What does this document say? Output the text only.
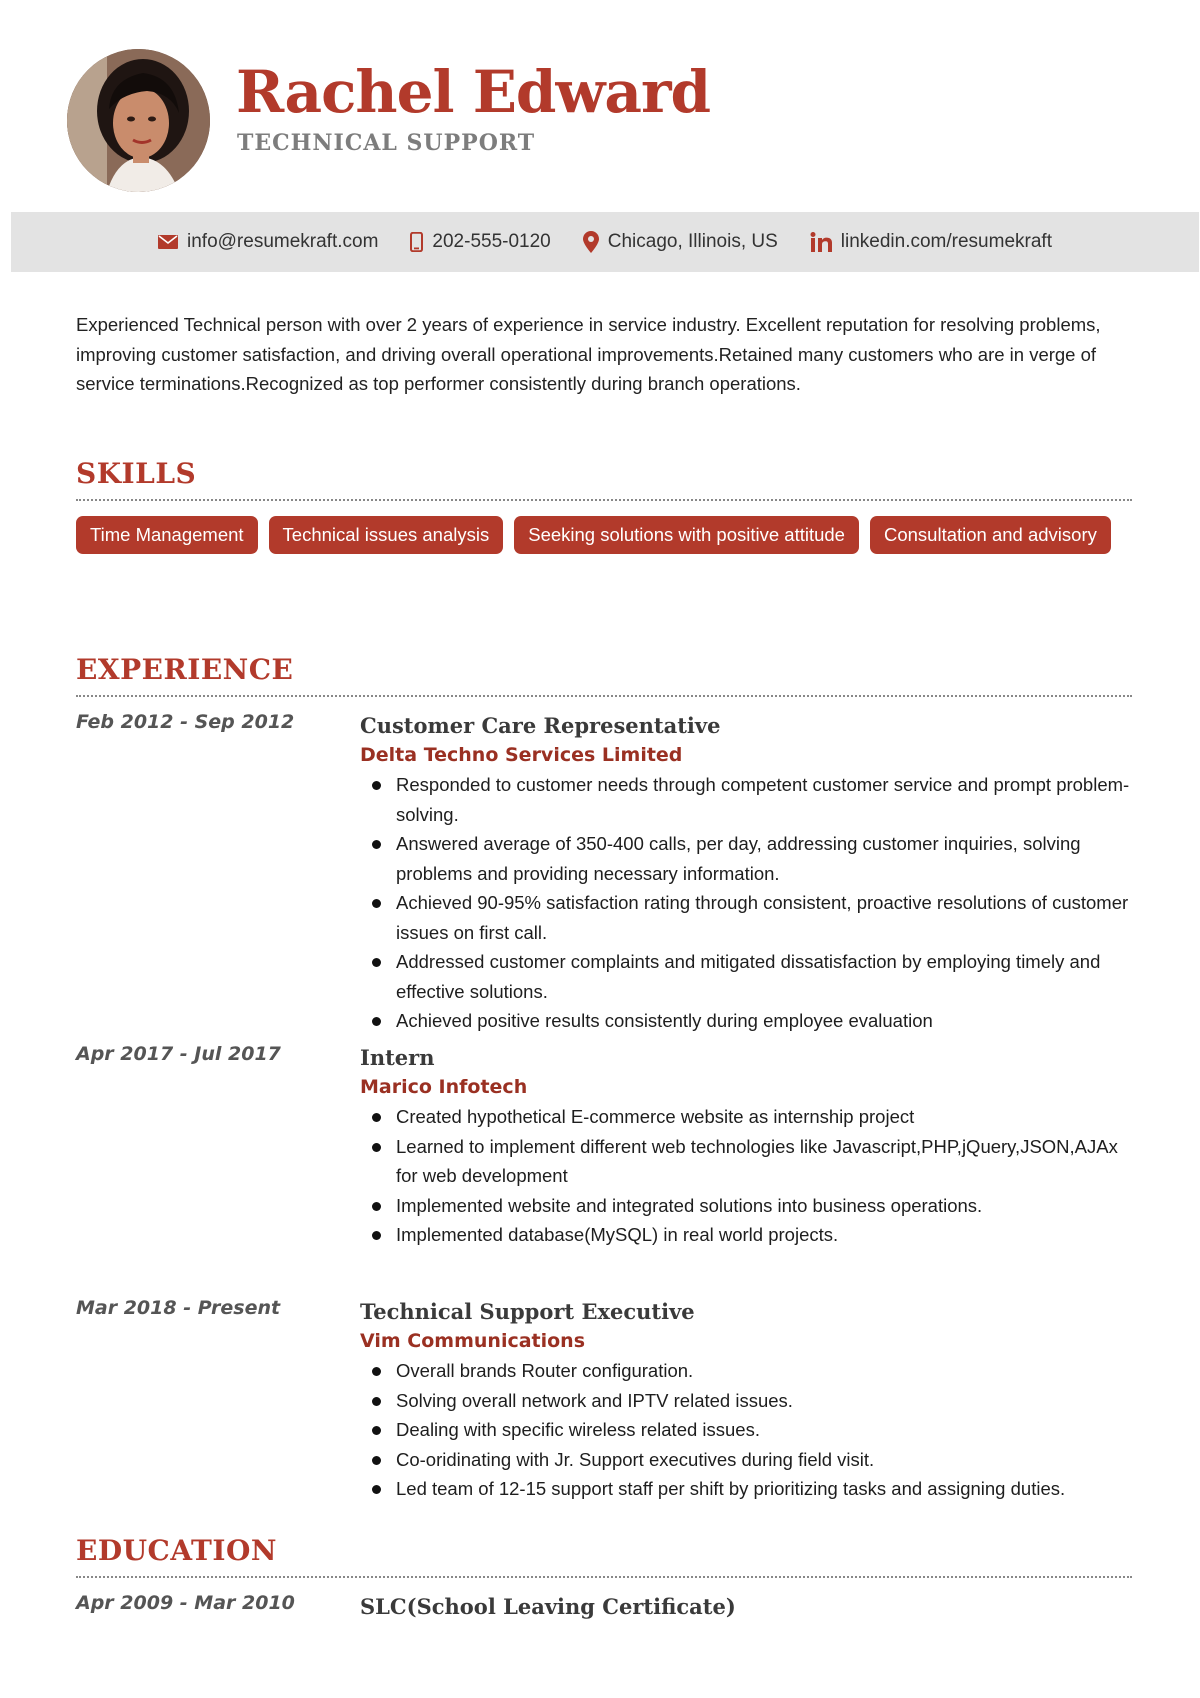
Rachel Edward
TECHNICAL SUPPORT
info@resumekraft.com	202-555-0120	Chicago, Illinois, US	linkedin.com/resumekraft

Experienced Technical person with over 2 years of experience in service industry. Excellent reputation for resolving problems, improving customer satisfaction, and driving overall operational improvements.Retained many customers who are in verge of service terminations.Recognized as top performer consistently during branch operations.

SKILLS
Time Management	Technical issues analysis	Seeking solutions with positive attitude	Consultation and advisory
EXPERIENCE
Feb 2012 - Sep 2012	Customer Care Representative
Delta Techno Services Limited
Responded to customer needs through competent customer service and prompt problem-solving.
Answered average of 350-400 calls, per day, addressing customer inquiries, solving problems and providing necessary information.
Achieved 90-95% satisfaction rating through consistent, proactive resolutions of customer issues on first call.
Addressed customer complaints and mitigated dissatisfaction by employing timely and effective solutions.
Achieved positive results consistently during employee evaluation
Apr 2017 - Jul 2017	Intern
Marico Infotech
Created hypothetical E-commerce website as internship project
Learned to implement different web technologies like Javascript,PHP,jQuery,JSON,AJAx for web development
Implemented website and integrated solutions into business operations.
Implemented database(MySQL) in real world projects.
Mar 2018 - Present	Technical Support Executive
Vim Communications
Overall brands Router configuration.
Solving overall network and IPTV related issues.
Dealing with specific wireless related issues.
Co-oridinating with Jr. Support executives during field visit.
Led team of 12-15 support staff per shift by prioritizing tasks and assigning duties.
EDUCATION
Apr 2009 - Mar 2010	SLC(School Leaving Certificate)
